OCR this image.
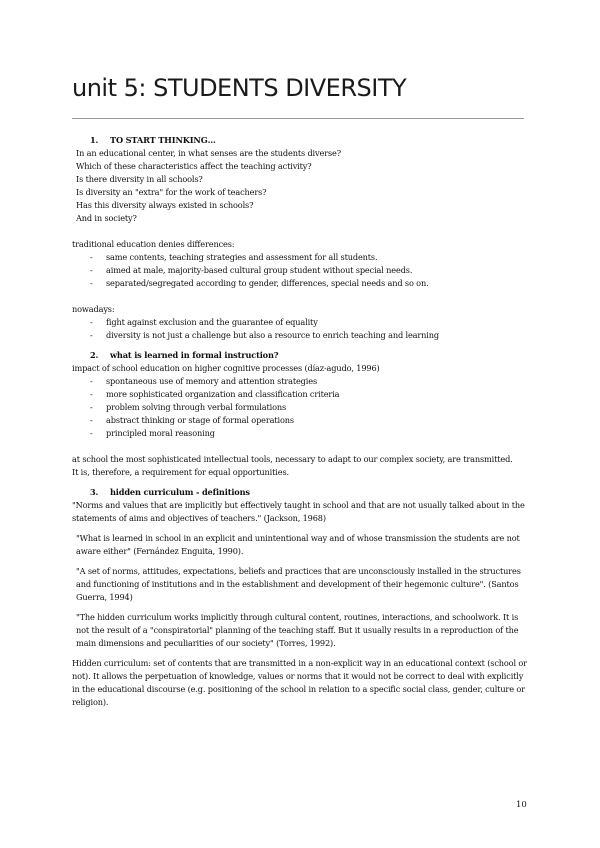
unit 5: STUDENTS DIVERSITY
1. TO START THINKING…
In an educational center, in what senses are the students diverse?
Which of these characteristics affect the teaching activity?
Is there diversity in all schools?
Is diversity an "extra" for the work of teachers?
Has this diversity always existed in schools?
And in society?
traditional education denies differences:
- same contents, teaching strategies and assessment for all students.
- aimed at male, majority-based cultural group student without special needs.
- separated/segregated according to gender, differences, special needs and so on.
nowadays:
- fight against exclusion and the guarantee of equality
- diversity is not just a challenge but also a resource to enrich teaching and learning
2. what is learned in formal instruction?
impact of school education on higher cognitive processes (díaz-agudo, 1996)
- spontaneous use of memory and attention strategies
- more sophisticated organization and classification criteria
- problem solving through verbal formulations
- abstract thinking or stage of formal operations
- principled moral reasoning
at school the most sophisticated intellectual tools, necessary to adapt to our complex society, are transmitted.
It is, therefore, a requirement for equal opportunities.
3. hidden curriculum - definitions
"Norms and values that are implicitly but effectively taught in school and that are not usually talked about in the
statements of aims and objectives of teachers." (Jackson, 1968)
"What is learned in school in an explicit and unintentional way and of whose transmission the students are not
aware either" (Fernández Enguita, 1990).
"A set of norms, attitudes, expectations, beliefs and practices that are unconsciously installed in the structures
and functioning of institutions and in the establishment and development of their hegemonic culture". (Santos
Guerra, 1994)
"The hidden curriculum works implicitly through cultural content, routines, interactions, and schoolwork. It is
not the result of a "conspiratorial" planning of the teaching staff. But it usually results in a reproduction of the
main dimensions and peculiarities of our society" (Torres, 1992).
Hidden curriculum: set of contents that are transmitted in a non-explicit way in an educational context (school or
not). It allows the perpetuation of knowledge, values or norms that it would not be correct to deal with explicitly
in the educational discourse (e.g. positioning of the school in relation to a specific social class, gender, culture or
religion).
10
